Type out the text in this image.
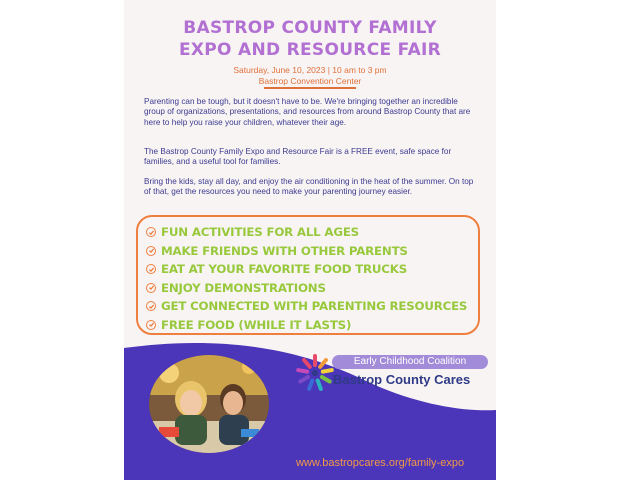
BASTROP COUNTY FAMILY
EXPO AND RESOURCE FAIR
Saturday, June 10, 2023 | 10 am to 3 pm
Bastrop Convention Center

Parenting can be tough, but it doesn't have to be. We're bringing together an incredible group of organizations, presentations, and resources from around Bastrop County that are here to help you raise your children, whatever their age.

The Bastrop County Family Expo and Resource Fair is a FREE event, safe space for families, and a useful tool for families.

Bring the kids, stay all day, and enjoy the air conditioning in the heat of the summer. On top of that, get the resources you need to make your parenting journey easier.

FUN ACTIVITIES FOR ALL AGES
MAKE FRIENDS WITH OTHER PARENTS
EAT AT YOUR FAVORITE FOOD TRUCKS
ENJOY DEMONSTRATIONS
GET CONNECTED WITH PARENTING RESOURCES
FREE FOOD (WHILE IT LASTS)
Early Childhood Coalition
Bastrop County Cares
www.bastropcares.org/family-expo
